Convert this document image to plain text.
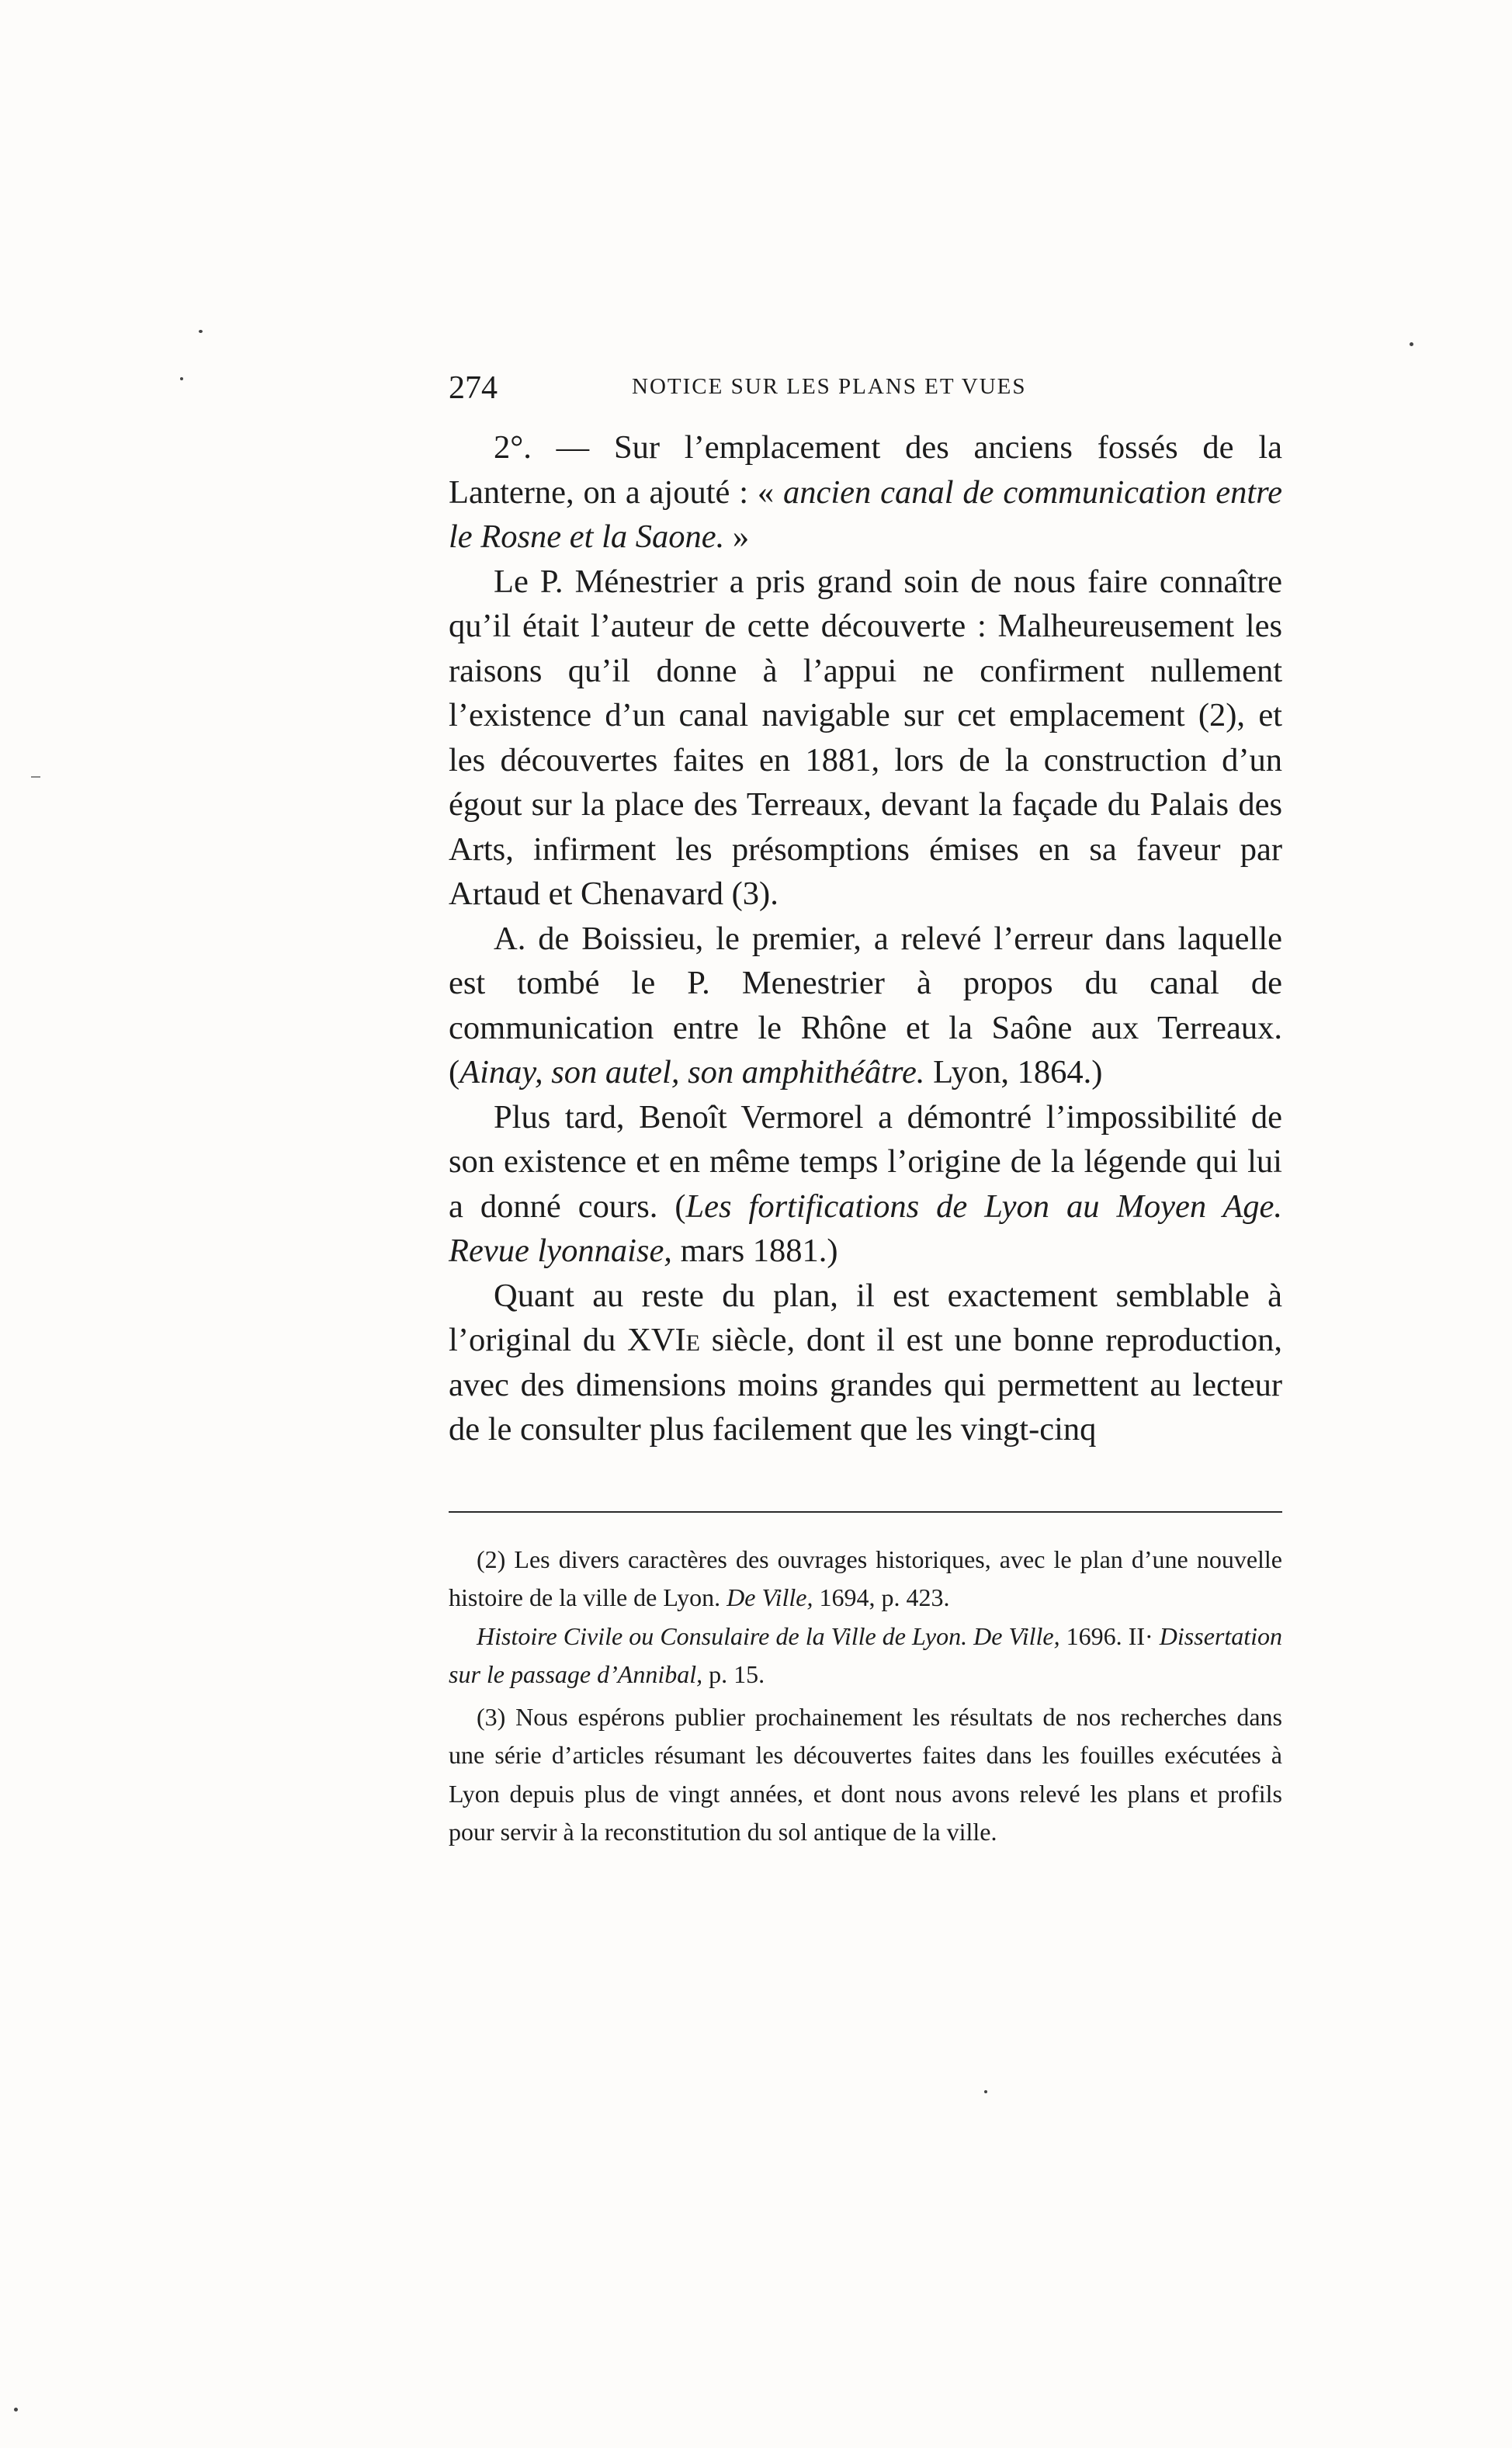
274	NOTICE SUR LES PLANS ET VUES

2°. — Sur l’emplacement des anciens fossés de la Lanterne, on a ajouté : « ancien canal de communication entre le Rosne et la Saone. »

Le P. Ménestrier a pris grand soin de nous faire connaître qu’il était l’auteur de cette découverte : Malheureusement les raisons qu’il donne à l’appui ne confirment nullement l’existence d’un canal navigable sur cet emplacement (2), et les découvertes faites en 1881, lors de la construction d’un égout sur la place des Terreaux, devant la façade du Palais des Arts, infirment les présomptions émises en sa faveur par Artaud et Chenavard (3).

A. de Boissieu, le premier, a relevé l’erreur dans laquelle est tombé le P. Menestrier à propos du canal de communication entre le Rhône et la Saône aux Terreaux. (Ainay, son autel, son amphithéâtre. Lyon, 1864.)

Plus tard, Benoît Vermorel a démontré l’impossibilité de son existence et en même temps l’origine de la légende qui lui a donné cours. (Les fortifications de Lyon au Moyen Age. Revue lyonnaise, mars 1881.)

Quant au reste du plan, il est exactement semblable à l’original du XVIe siècle, dont il est une bonne reproduction, avec des dimensions moins grandes qui permettent au lecteur de le consulter plus facilement que les vingt-cinq

(2) Les divers caractères des ouvrages historiques, avec le plan d’une nouvelle histoire de la ville de Lyon. De Ville, 1694, p. 423.

Histoire Civile ou Consulaire de la Ville de Lyon. De Ville, 1696. II· Dissertation sur le passage d’Annibal, p. 15.

(3) Nous espérons publier prochainement les résultats de nos recherches dans une série d’articles résumant les découvertes faites dans les fouilles exécutées à Lyon depuis plus de vingt années, et dont nous avons relevé les plans et profils pour servir à la reconstitution du sol antique de la ville.
